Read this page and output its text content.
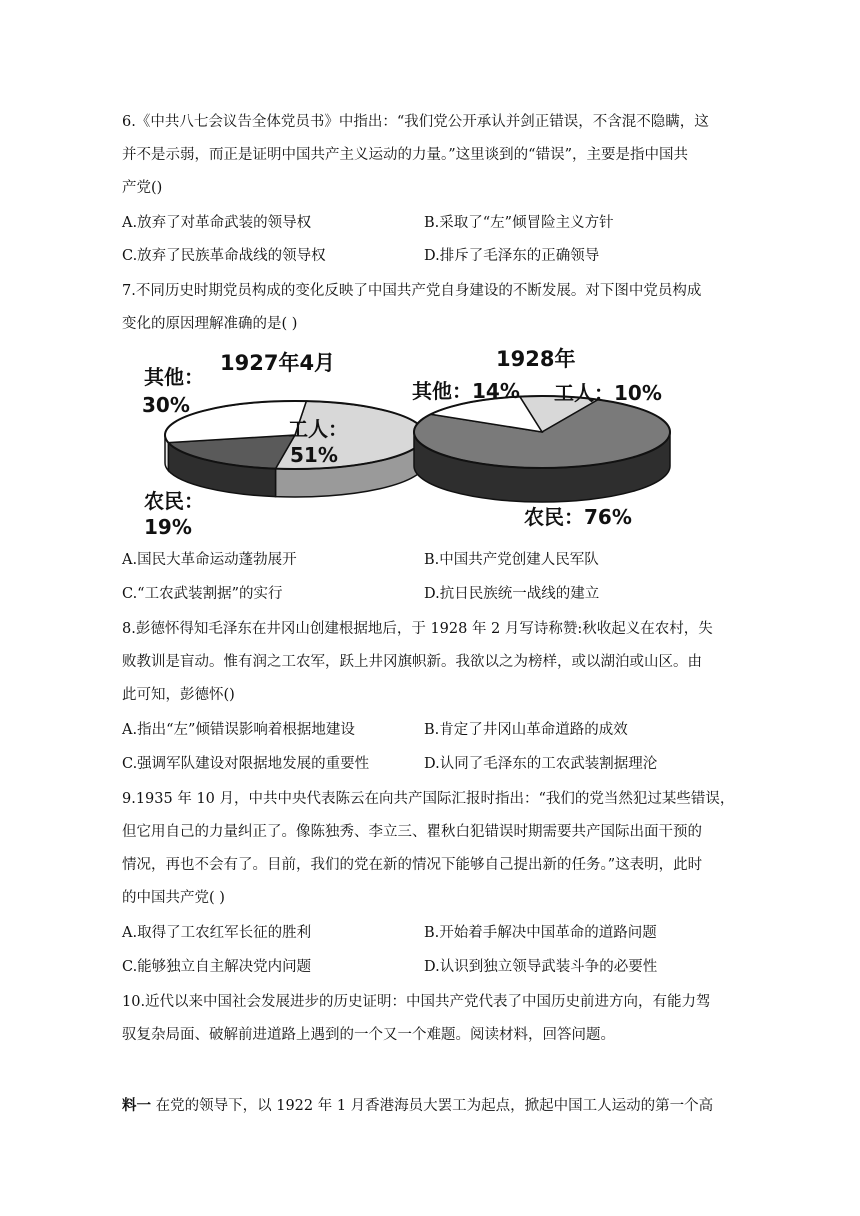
6.《中共八七会议告全体党员书》中指出：“我们党公开承认并剑正错误，不含混不隐瞒，这
并不是示弱，而正是证明中国共产主义运动的力量。”这里谈到的“错误”，主要是指中国共
产党()
A.放弃了对革命武装的领导权	B.采取了“左”倾冒险主义方针
C.放弃了民族革命战线的领导权	D.排斥了毛泽东的正确领导
7.不同历史时期党员构成的变化反映了中国共产党自身建设的不断发展。对下图中党员构成
变化的原因理解准确的是( )
1927年4月
其他：
30%
工人：
51%
农民：
19%
1928年
其他：14% 工人：10%
农民：76%
A.国民大革命运动蓬勃展开	B.中国共产党创建人民军队
C.“工农武装割据”的实行	D.抗日民族统一战线的建立
8.彭德怀得知毛泽东在井冈山创建根据地后，于 1928 年 2 月写诗称赞:秋收起义在农村，失
败教训是盲动。惟有润之工农军，跃上井冈旗帜新。我欲以之为榜样，或以湖泊或山区。由
此可知，彭德怀()
A.指出“左”倾错误影响着根据地建设	B.肯定了井冈山革命道路的成效
C.强调军队建设对限据地发展的重要性	D.认同了毛泽东的工农武装割据理沦
9.1935 年 10 月，中共中央代表陈云在向共产国际汇报时指出：“我们的党当然犯过某些错误，
但它用自己的力量纠正了。像陈独秀、李立三、瞿秋白犯错误时期需要共产国际出面干预的
情况，再也不会有了。目前，我们的党在新的情况下能够自己提出新的任务。”这表明，此时
的中国共产党( )
A.取得了工农红军长征的胜利	B.开始着手解决中国革命的道路问题
C.能够独立自主解决党内问题	D.认识到独立领导武装斗争的必要性
10.近代以来中国社会发展进步的历史证明：中国共产党代表了中国历史前进方向，有能力驾
驭复杂局面、破解前进道路上遇到的一个又一个难题。阅读材料，回答问题。
料一 在党的领导下，以 1922 年 1 月香港海员大罢工为起点，掀起中国工人运动的第一个高
